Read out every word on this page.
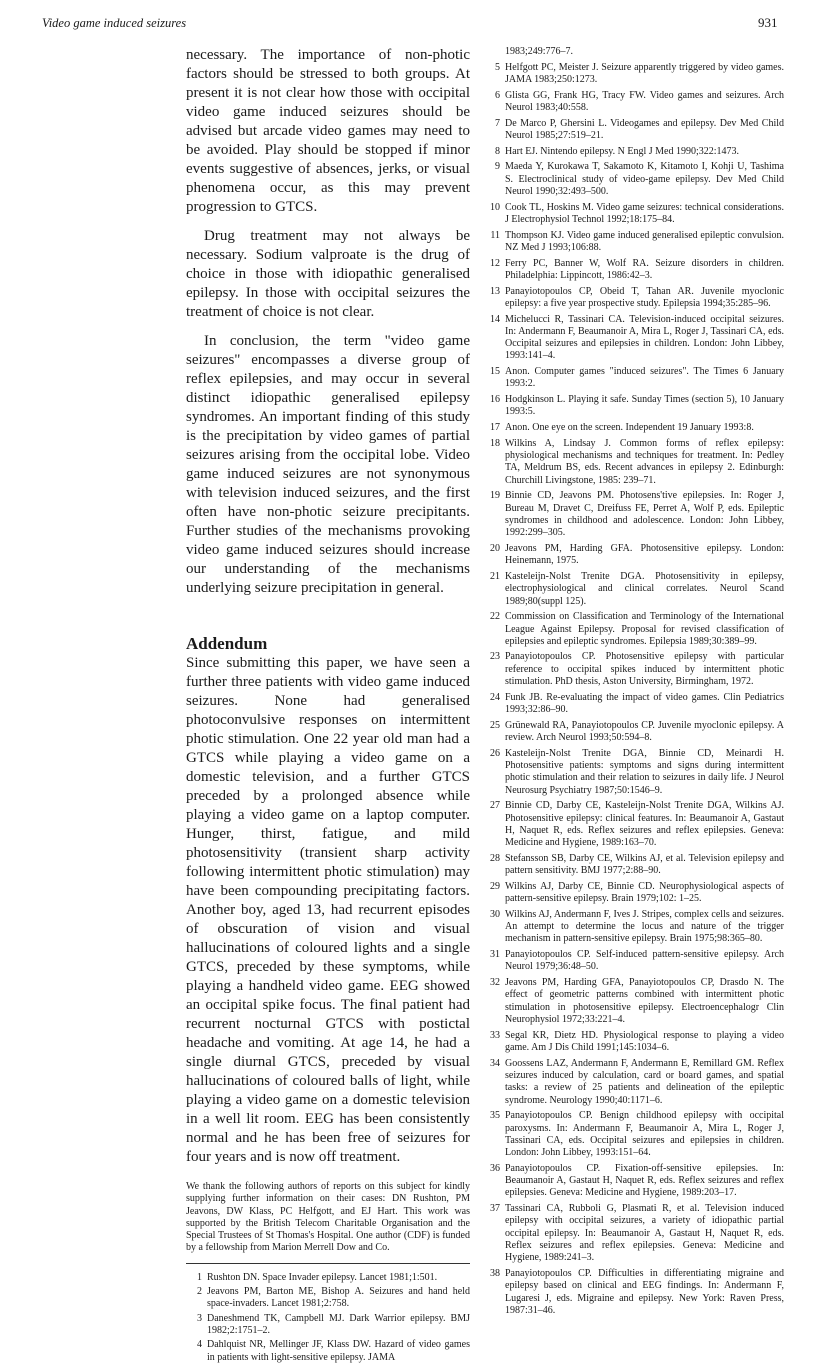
Video game induced seizures	931

necessary. The importance of non-photic factors should be stressed to both groups. At present it is not clear how those with occipital video game induced seizures should be advised but arcade video games may need to be avoided. Play should be stopped if minor events suggestive of absences, jerks, or visual phenomena occur, as this may prevent progression to GTCS.

Drug treatment may not always be necessary. Sodium valproate is the drug of choice in those with idiopathic generalised epilepsy. In those with occipital seizures the treatment of choice is not clear.

In conclusion, the term "video game seizures" encompasses a diverse group of reflex epilepsies, and may occur in several distinct idiopathic generalised epilepsy syndromes. An important finding of this study is the precipitation by video games of partial seizures arising from the occipital lobe. Video game induced seizures are not synonymous with television induced seizures, and the first often have non-photic seizure precipitants. Further studies of the mechanisms provoking video game induced seizures should increase our understanding of the mechanisms underlying seizure precipitation in general.

Addendum

Since submitting this paper, we have seen a further three patients with video game induced seizures. None had generalised photoconvulsive responses on intermittent photic stimulation. One 22 year old man had a GTCS while playing a video game on a domestic television, and a further GTCS preceded by a prolonged absence while playing a video game on a laptop computer. Hunger, thirst, fatigue, and mild photosensitivity (transient sharp activity following intermittent photic stimulation) may have been compounding precipitating factors. Another boy, aged 13, had recurrent episodes of obscuration of vision and visual hallucinations of coloured lights and a single GTCS, preceded by these symptoms, while playing a handheld video game. EEG showed an occipital spike focus. The final patient had recurrent nocturnal GTCS with postictal headache and vomiting. At age 14, he had a single diurnal GTCS, preceded by visual hallucinations of coloured balls of light, while playing a video game on a domestic television in a well lit room. EEG has been consistently normal and he has been free of seizures for four years and is now off treatment.

We thank the following authors of reports on this subject for kindly supplying further information on their cases: DN Rushton, PM Jeavons, DW Klass, PC Helfgott, and EJ Hart. This work was supported by the British Telecom Charitable Organisation and the Special Trustees of St Thomas's Hospital. One author (CDF) is funded by a fellowship from Marion Merrell Dow and Co.

1 Rushton DN. Space Invader epilepsy. Lancet 1981;1:501.
2 Jeavons PM, Barton ME, Bishop A. Seizures and hand held space-invaders. Lancet 1981;2:758.
3 Daneshmend TK, Campbell MJ. Dark Warrior epilepsy. BMJ 1982;2:1751–2.
4 Dahlquist NR, Mellinger JF, Klass DW. Hazard of video games in patients with light-sensitive epilepsy. JAMA
1983;249:776–7.
5 Helfgott PC, Meister J. Seizure apparently triggered by video games. JAMA 1983;250:1273.
6 Glista GG, Frank HG, Tracy FW. Video games and seizures. Arch Neurol 1983;40:558.
7 De Marco P, Ghersini L. Videogames and epilepsy. Dev Med Child Neurol 1985;27:519–21.
8 Hart EJ. Nintendo epilepsy. N Engl J Med 1990;322:1473.
9 Maeda Y, Kurokawa T, Sakamoto K, Kitamoto I, Kohji U, Tashima S. Electroclinical study of video-game epilepsy. Dev Med Child Neurol 1990;32:493–500.
10 Cook TL, Hoskins M. Video game seizures: technical considerations. J Electrophysiol Technol 1992;18:175–84.
11 Thompson KJ. Video game induced generalised epileptic convulsion. NZ Med J 1993;106:88.
12 Ferry PC, Banner W, Wolf RA. Seizure disorders in children. Philadelphia: Lippincott, 1986:42–3.
13 Panayiotopoulos CP, Obeid T, Tahan AR. Juvenile myoclonic epilepsy: a five year prospective study. Epilepsia 1994;35:285–96.
14 Michelucci R, Tassinari CA. Television-induced occipital seizures. In: Andermann F, Beaumanoir A, Mira L, Roger J, Tassinari CA, eds. Occipital seizures and epilepsies in children. London: John Libbey, 1993:141–4.
15 Anon. Computer games "induced seizures". The Times 6 January 1993:2.
16 Hodgkinson L. Playing it safe. Sunday Times (section 5), 10 January 1993:5.
17 Anon. One eye on the screen. Independent 19 January 1993:8.
18 Wilkins A, Lindsay J. Common forms of reflex epilepsy: physiological mechanisms and techniques for treatment. In: Pedley TA, Meldrum BS, eds. Recent advances in epilepsy 2. Edinburgh: Churchill Livingstone, 1985: 239–71.
19 Binnie CD, Jeavons PM. Photosens'tive epilepsies. In: Roger J, Bureau M, Dravet C, Dreifuss FE, Perret A, Wolf P, eds. Epileptic syndromes in childhood and adolescence. London: John Libbey, 1992:299–305.
20 Jeavons PM, Harding GFA. Photosensitive epilepsy. London: Heinemann, 1975.
21 Kasteleijn-Nolst Trenite DGA. Photosensitivity in epilepsy, electrophysiological and clinical correlates. Neurol Scand 1989;80(suppl 125).
22 Commission on Classification and Terminology of the International League Against Epilepsy. Proposal for revised classification of epilepsies and epileptic syndromes. Epilepsia 1989;30:389–99.
23 Panayiotopoulos CP. Photosensitive epilepsy with particular reference to occipital spikes induced by intermittent photic stimulation. PhD thesis, Aston University, Birmingham, 1972.
24 Funk JB. Re-evaluating the impact of video games. Clin Pediatrics 1993;32:86–90.
25 Grünewald RA, Panayiotopoulos CP. Juvenile myoclonic epilepsy. A review. Arch Neurol 1993;50:594–8.
26 Kasteleijn-Nolst Trenite DGA, Binnie CD, Meinardi H. Photosensitive patients: symptoms and signs during intermittent photic stimulation and their relation to seizures in daily life. J Neurol Neurosurg Psychiatry 1987;50:1546–9.
27 Binnie CD, Darby CE, Kasteleijn-Nolst Trenite DGA, Wilkins AJ. Photosensitive epilepsy: clinical features. In: Beaumanoir A, Gastaut H, Naquet R, eds. Reflex seizures and reflex epilepsies. Geneva: Medicine and Hygiene, 1989:163–70.
28 Stefansson SB, Darby CE, Wilkins AJ, et al. Television epilepsy and pattern sensitivity. BMJ 1977;2:88–90.
29 Wilkins AJ, Darby CE, Binnie CD. Neurophysiological aspects of pattern-sensitive epilepsy. Brain 1979;102: 1–25.
30 Wilkins AJ, Andermann F, Ives J. Stripes, complex cells and seizures. An attempt to determine the locus and nature of the trigger mechanism in pattern-sensitive epilepsy. Brain 1975;98:365–80.
31 Panayiotopoulos CP. Self-induced pattern-sensitive epilepsy. Arch Neurol 1979;36:48–50.
32 Jeavons PM, Harding GFA, Panayiotopoulos CP, Drasdo N. The effect of geometric patterns combined with intermittent photic stimulation in photosensitive epilepsy. Electroencephalogr Clin Neurophysiol 1972;33:221–4.
33 Segal KR, Dietz HD. Physiological response to playing a video game. Am J Dis Child 1991;145:1034–6.
34 Goossens LAZ, Andermann F, Andermann E, Remillard GM. Reflex seizures induced by calculation, card or board games, and spatial tasks: a review of 25 patients and delineation of the epileptic syndrome. Neurology 1990;40:1171–6.
35 Panayiotopoulos CP. Benign childhood epilepsy with occipital paroxysms. In: Andermann F, Beaumanoir A, Mira L, Roger J, Tassinari CA, eds. Occipital seizures and epilepsies in children. London: John Libbey, 1993:151–64.
36 Panayiotopoulos CP. Fixation-off-sensitive epilepsies. In: Beaumanoir A, Gastaut H, Naquet R, eds. Reflex seizures and reflex epilepsies. Geneva: Medicine and Hygiene, 1989:203–17.
37 Tassinari CA, Rubboli G, Plasmati R, et al. Television induced epilepsy with occipital seizures, a variety of idiopathic partial occipital epilepsy. In: Beaumanoir A, Gastaut H, Naquet R, eds. Reflex seizures and reflex epilepsies. Geneva: Medicine and Hygiene, 1989:241–3.
38 Panayiotopoulos CP. Difficulties in differentiating migraine and epilepsy based on clinical and EEG findings. In: Andermann F, Lugaresi J, eds. Migraine and epilepsy. New York: Raven Press, 1987:31–46.
